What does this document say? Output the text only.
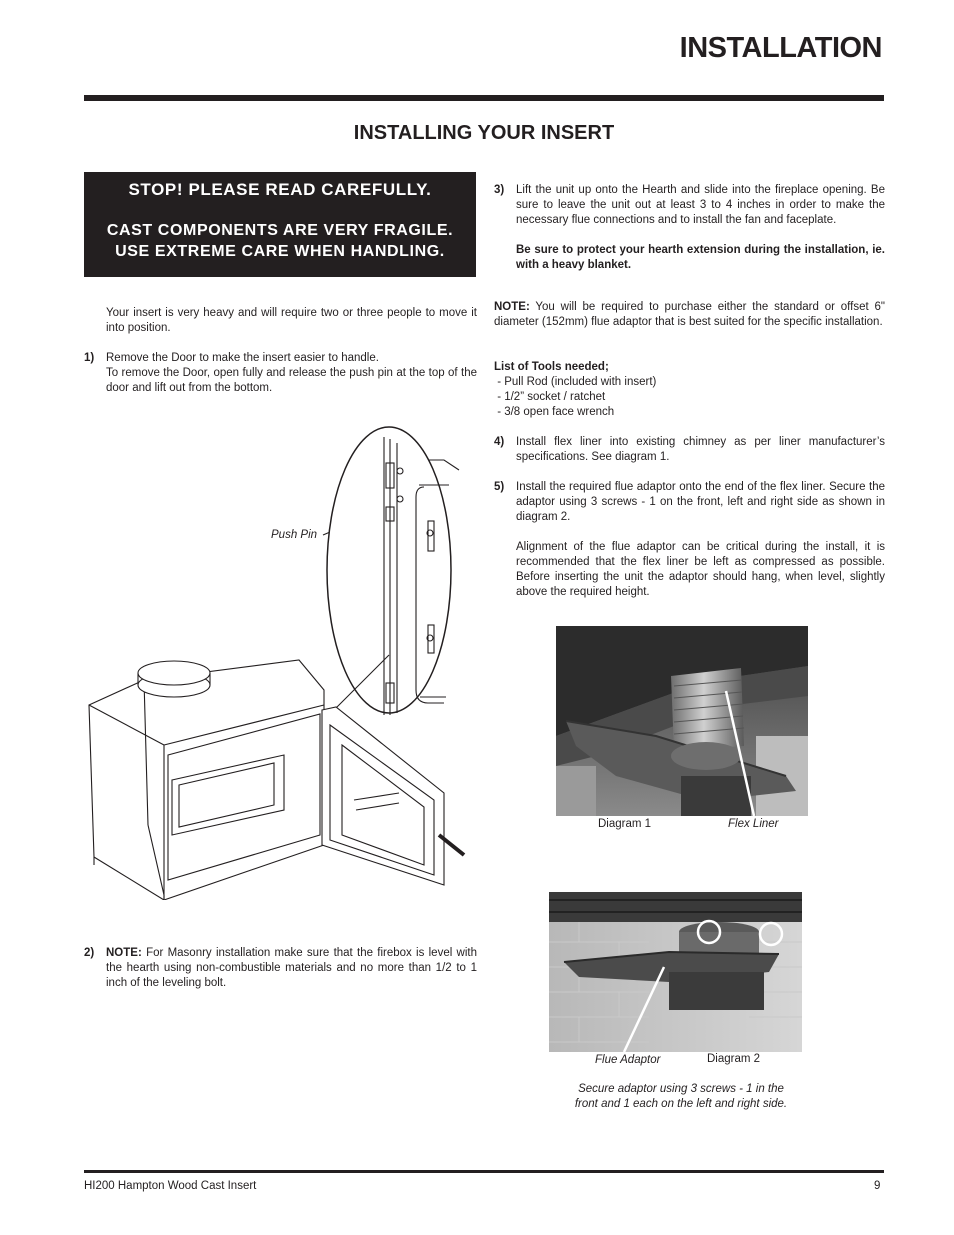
INSTALLATION
INSTALLING YOUR INSERT
STOP! PLEASE READ CAREFULLY.
CAST COMPONENTS ARE VERY FRAGILE.
USE EXTREME CARE WHEN HANDLING.
Your insert is very heavy and will require two or three people to move it into position.
1)	Remove the Door to make the insert easier to handle.
To remove the Door, open fully and release the push pin at the top of the door and lift out from the bottom.
Push Pin
2)	NOTE: For Masonry installation make sure that the firebox is level with the hearth using non-combustible materials and no more than 1/2 to 1 inch of the leveling bolt.
3)	Lift the unit up onto the Hearth and slide into the fireplace opening. Be sure to leave the unit out at least 3 to 4 inches in order to make the necessary flue connections and to install the fan and faceplate.
Be sure to protect your hearth extension during the installation, ie. with a heavy blanket.
NOTE: You will be required to purchase either the standard or offset 6" diameter (152mm) flue adaptor that is best suited for the specific installation.
List of Tools needed;
- Pull Rod (included with insert)
- 1/2” socket / ratchet
- 3/8 open face wrench
4)	Install flex liner into existing chimney as per liner manufacturer’s specifications. See diagram 1.
5)	Install the required flue adaptor onto the end of the flex liner. Secure the adaptor using 3 screws - 1 on the front, left and right side as shown in diagram 2.
Alignment of the flue adaptor can be critical during the install, it is recommended that the flex liner be left as compressed as possible. Before inserting the unit the adaptor should hang, when level, slightly above the required height.
Diagram 1	Flex Liner
Flue Adaptor	Diagram 2
Secure adaptor using 3 screws - 1 in the
front and 1 each on the left and right side.
HI200 Hampton Wood Cast Insert	9
